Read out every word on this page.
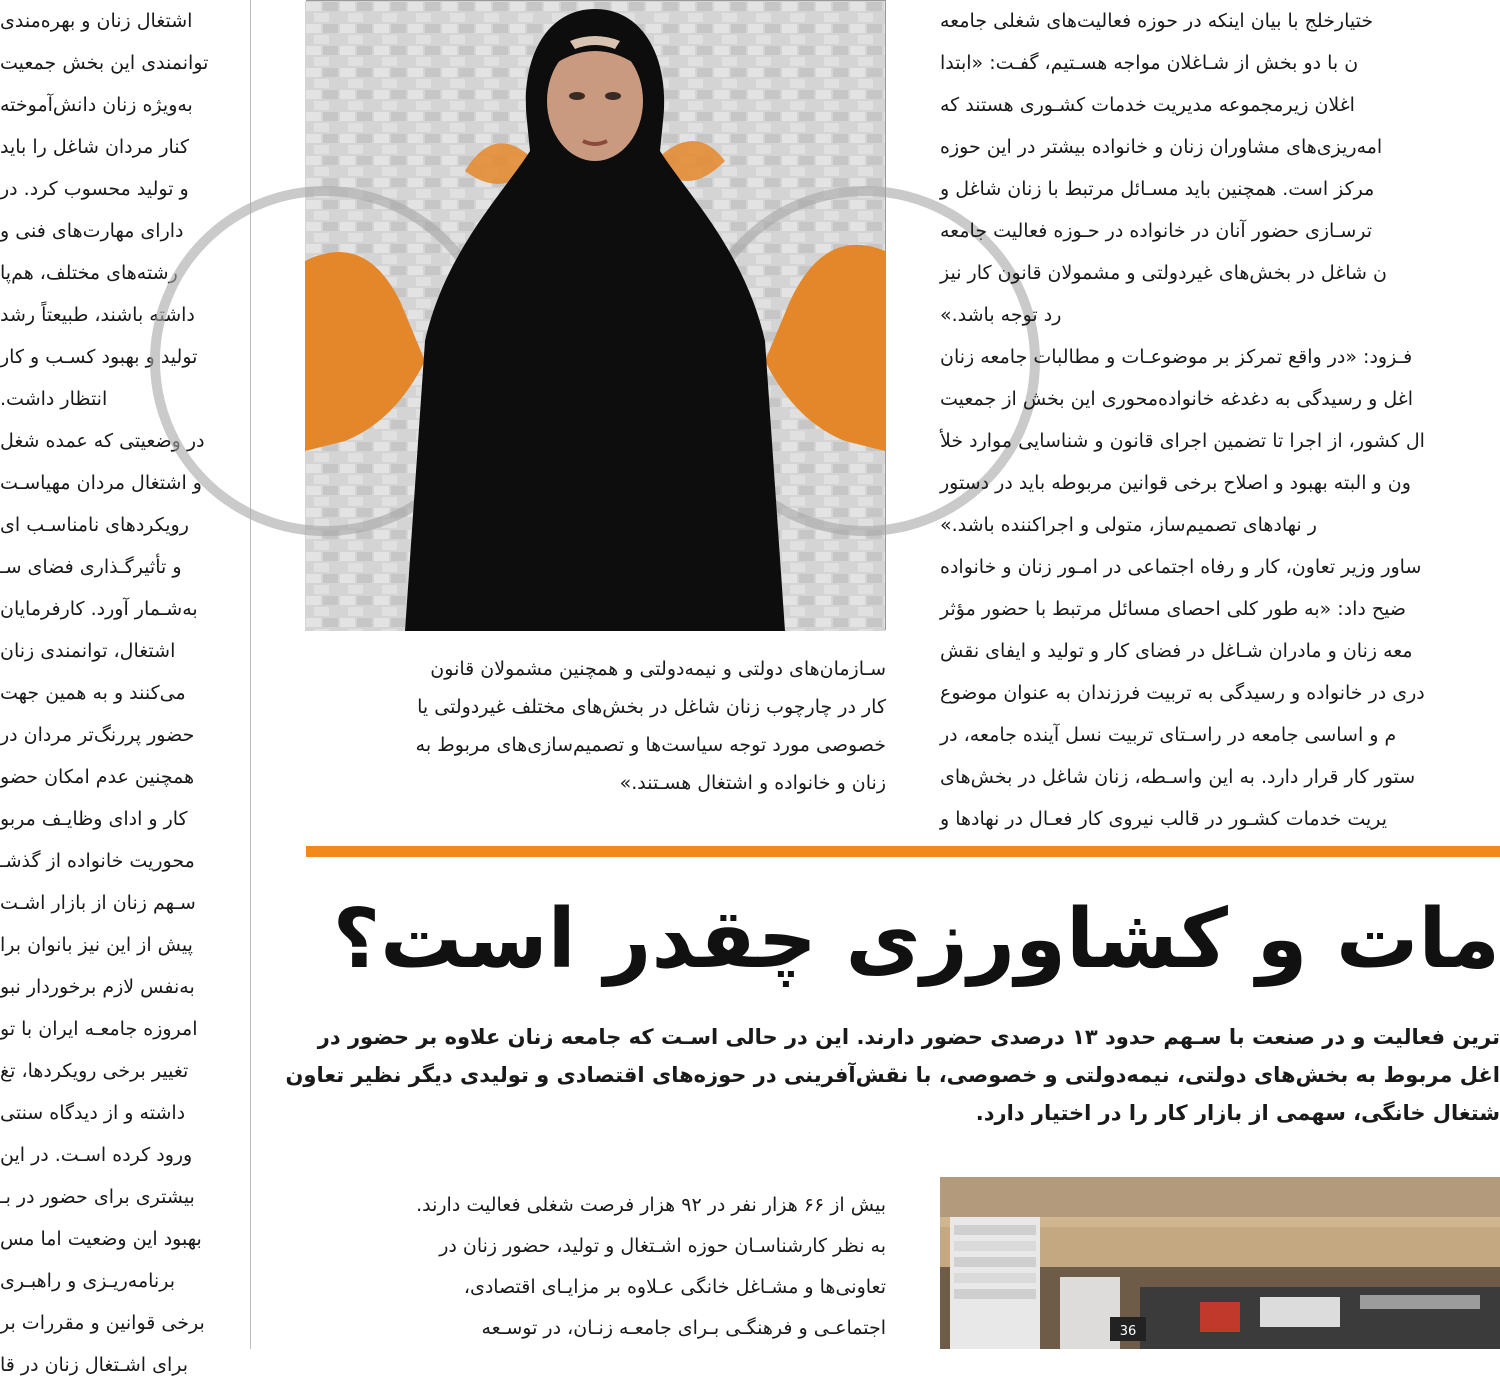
اشتغال زنان و بهره‌مندی
توانمندی این بخش جمعیت
به‌ویژه زنان دانش‌آموخته
کنار مردان شاغل را باید
و تولید محسوب کرد. در
دارای مهارت‌های فنی و
رشته‌های مختلف، هم‌پا
داشته باشند، طبیعتاً رشد
تولید و بهبود کسـب و کار
انتظار داشت.
در وضعیتی که عمده شغل
و اشتغال مردان مهیاسـت
رویکردهای نامناسـب ای
و تأثیرگـذاری فضای سـ
به‌شـمار آورد. کارفرمایان
اشتغال، توانمندی زنان
می‌کنند و به همین جهت
حضور پررنگ‌تر مردان در
همچنین عدم امکان حضو
کار و ادای وظایـف مربو
محوریت خانواده از گذشـ
سـهم زنان از بازار اشـت
پیش از این نیز بانوان برا
به‌نفس لازم برخوردار نبو
امروزه جامعـه ایران با تو
تغییر برخی رویکردها، تغ
داشته و از دیدگاه سنتی
ورود کرده اسـت. در این
بیشتری برای حضور در بـ
بهبود این وضعیت اما مس
برنامه‌ریـزی و راهبـری
برخی قوانین و مقررات بر
برای اشـتغال زنان در قا
سـازمان‌های دولتی و نیمه‌دولتی و همچنین مشمولان قانون
کار در چارچوب زنان شاغل در بخش‌های مختلف غیردولتی یا
خصوصی مورد توجه سیاست‌ها و تصمیم‌سازی‌های مربوط به
زنان و خانواده و اشتغال هسـتند.»
ختیارخلج با بیان اینکه در حوزه فعالیت‌های شغلی جامعه
ن با دو بخش از شـاغلان مواجه هسـتیم، گفـت: «ابتدا
اغلان زیرمجموعه مدیریت خدمات کشـوری هستند که
امه‌ریزی‌های مشاوران زنان و خانواده بیشتر در این حوزه
مرکز است. همچنین باید مسـائل مرتبط با زنان شاغل و
ترسـازی حضور آنان در خانواده در حـوزه فعالیت جامعه
ن شاغل در بخش‌های غیردولتی و مشمولان قانون کار نیز
رد توجه باشد.»
فـزود: «در واقع تمرکز بر موضوعـات و مطالبات جامعه زنان
اغل و رسیدگی به دغدغه خانواده‌محوری این بخش از جمعیت
ال کشور، از اجرا تا تضمین اجرای قانون و شناسایی موارد خلأ
ون و البته بهبود و اصلاح برخی قوانین مربوطه باید در دستور
ر نهادهای تصمیم‌ساز، متولی و اجراکننده باشد.»
ساور وزیر تعاون، کار و رفاه اجتماعی در امـور زنان و خانواده
ضیح داد: «به طور کلی احصای مسائل مرتبط با حضور مؤثر
معه زنان و مادران شـاغل در فضای کار و تولید و ایفای نقش
دری در خانواده و رسیدگی به تربیت فرزندان به عنوان موضوع
م و اساسی جامعه در راسـتای تربیت نسل آینده جامعه، در
ستور کار قرار دارد. به این واسـطه، زنان شاغل در بخش‌های
یریت خدمات کشـور در قالب نیروی کار فعـال در نهادها و
مات و کشاورزی چقدر است؟
ترین فعالیت و در صنعت با سـهم حدود ۱۳ درصدی حضور دارند. این در حالی اسـت که جامعه زنان علاوه بر حضور در
اغل مربوط به بخش‌های دولتی، نیمه‌دولتی و خصوصی، با نقش‌آفرینی در حوزه‌های اقتصادی و تولیدی دیگر نظیر تعاون
شتغال خانگی، سهمی از بازار کار را در اختیار دارد.
بیش از ۶۶ هزار نفر در ۹۲ هزار فرصت شغلی فعالیت دارند.
به نظر کارشناسـان حوزه اشـتغال و تولید، حضور زنان در
تعاونی‌ها و مشـاغل خانگی عـلاوه بر مزایـای اقتصادی،
اجتماعـی و فرهنگـی بـرای جامعـه زنـان، در توسـعه	36
